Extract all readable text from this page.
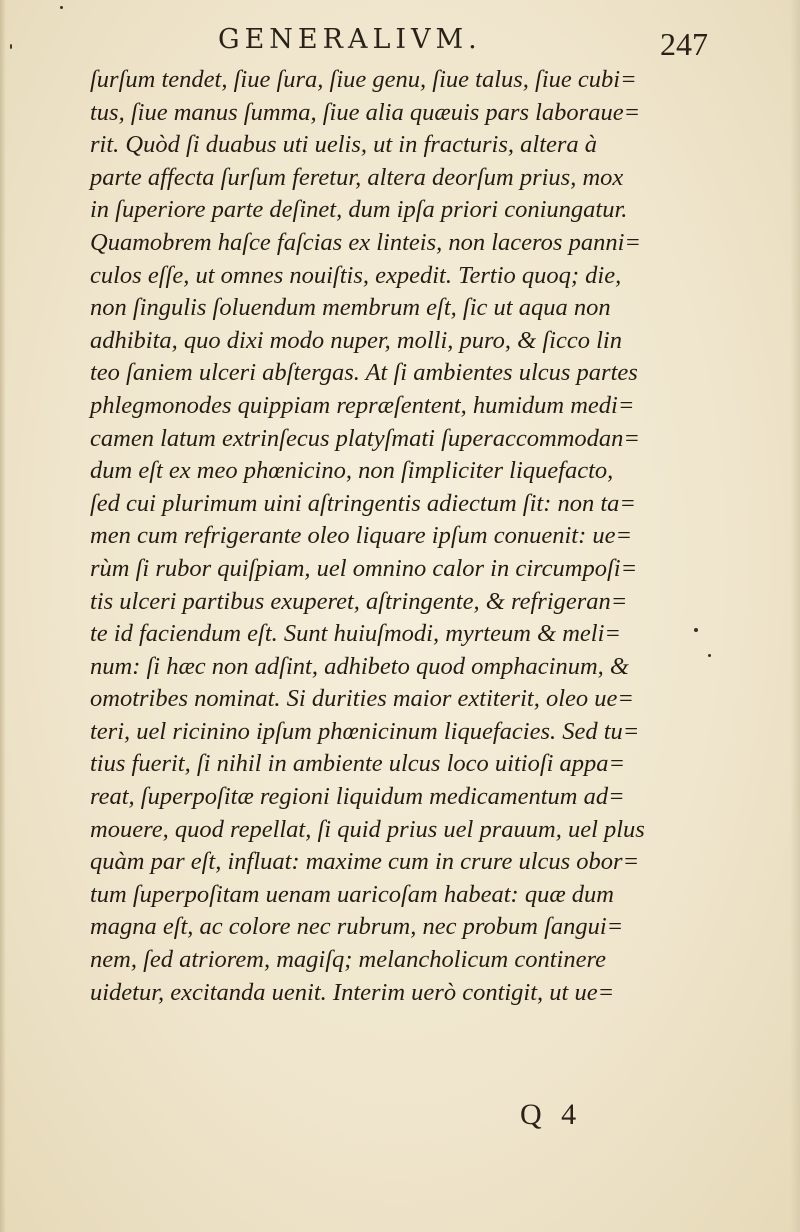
GENERALIVM.	247
ſurſum tendet, ſiue ſura, ſiue genu, ſiue talus, ſiue cubi=
tus, ſiue manus ſumma, ſiue alia quæuis pars laboraue=
rit. Quòd ſi duabus uti uelis, ut in fracturis, altera à
parte affecta ſurſum feretur, altera deorſum prius, mox
in ſuperiore parte deſinet, dum ipſa priori coniungatur.
Quamobrem haſce faſcias ex linteis, non laceros panni=
culos eſſe, ut omnes nouiſtis, expedit. Tertio quoq; die,
non ſingulis ſoluendum membrum eſt, ſic ut aqua non
adhibita, quo dixi modo nuper, molli, puro, & ſicco lin
teo ſaniem ulceri abſtergas. At ſi ambientes ulcus partes
phlegmonodes quippiam repræſentent, humidum medi=
camen latum extrinſecus platyſmati ſuperaccommodan=
dum eſt ex meo phœnicino, non ſimpliciter liquefacto,
ſed cui plurimum uini aſtringentis adiectum ſit: non ta=
men cum refrigerante oleo liquare ipſum conuenit: ue=
rùm ſi rubor quiſpiam, uel omnino calor in circumpoſi=
tis ulceri partibus exuperet, aſtringente, & refrigeran=
te id faciendum eſt. Sunt huiuſmodi, myrteum & meli=
num: ſi hæc non adſint, adhibeto quod omphacinum, &
omotribes nominat. Si durities maior extiterit, oleo ue=
teri, uel ricinino ipſum phœnicinum liquefacies. Sed tu=
tius fuerit, ſi nihil in ambiente ulcus loco uitioſi appa=
reat, ſuperpoſitæ regioni liquidum medicamentum ad=
mouere, quod repellat, ſi quid prius uel prauum, uel plus
quàm par eſt, influat: maxime cum in crure ulcus obor=
tum ſuperpoſitam uenam uaricoſam habeat: quæ dum
magna eſt, ac colore nec rubrum, nec probum ſangui=
nem, ſed atriorem, magiſq; melancholicum continere
uidetur, excitanda uenit. Interim uerò contigit, ut ue=
Q 4
